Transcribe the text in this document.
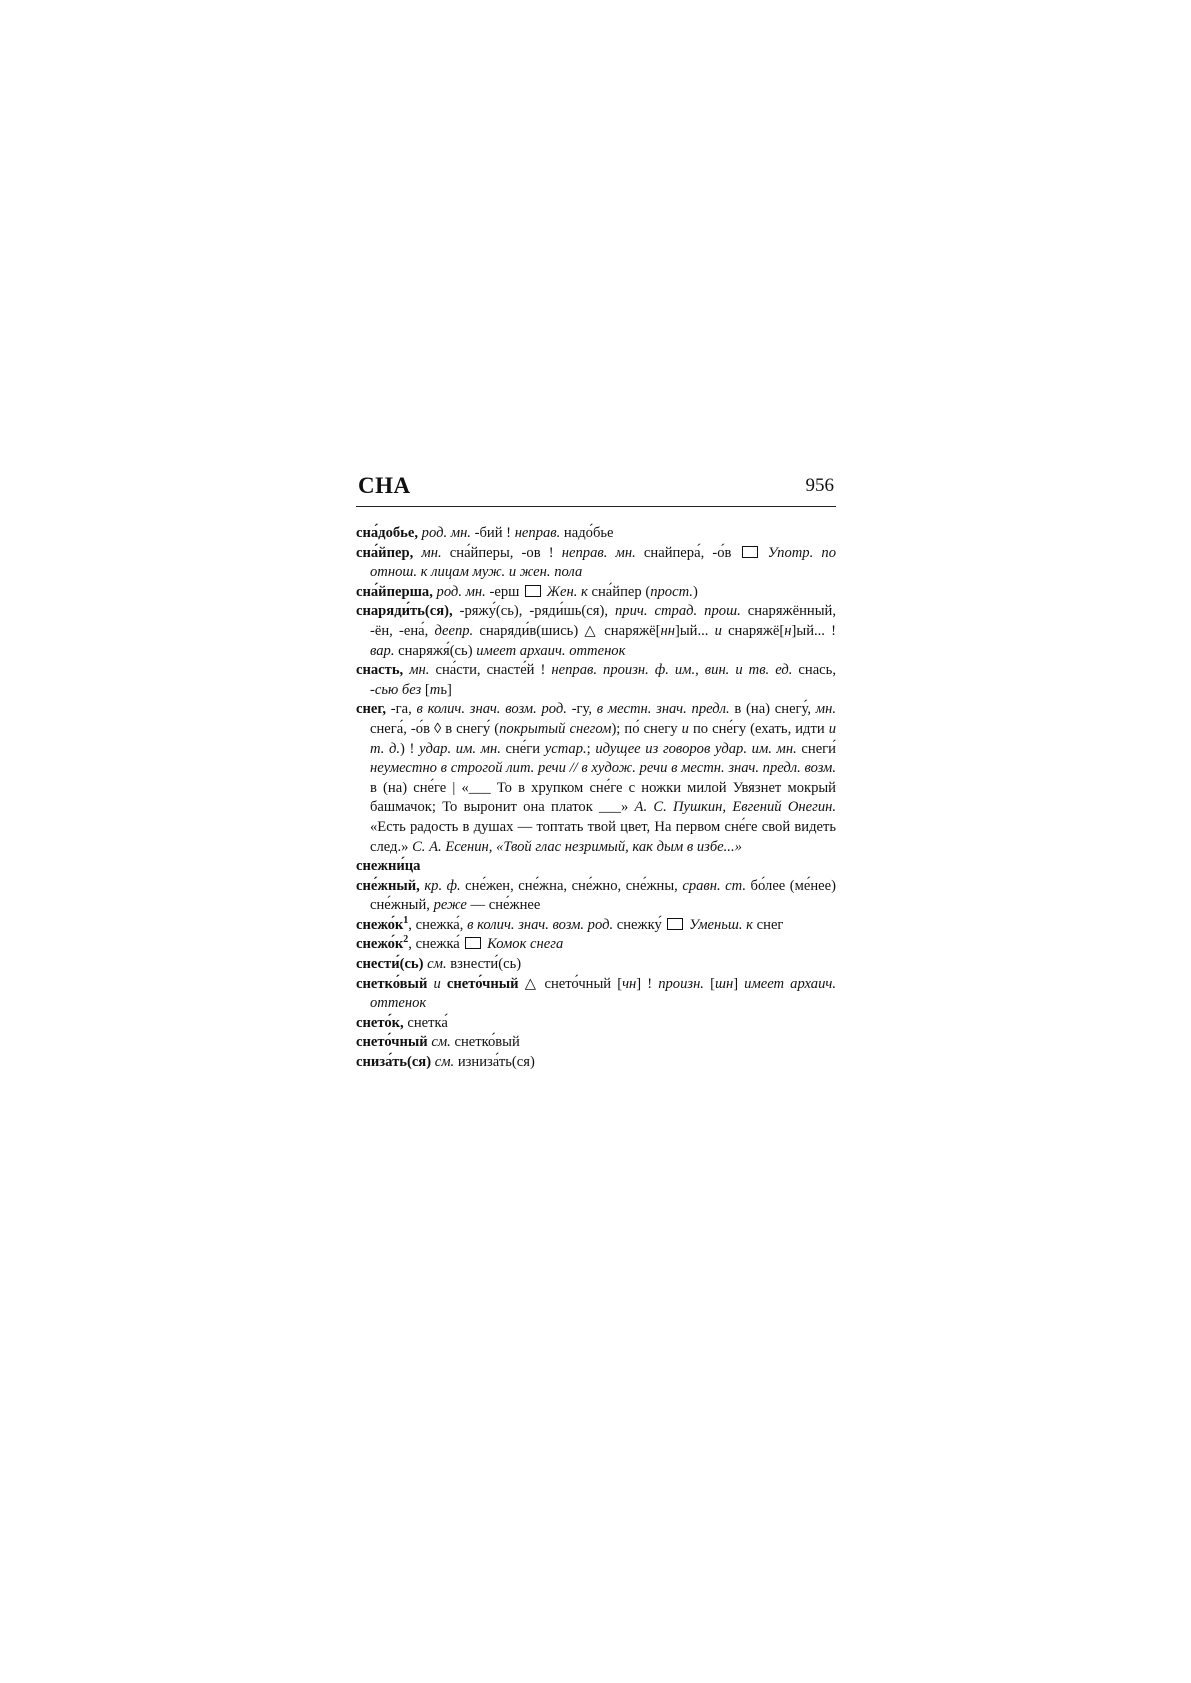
СНА	956

сна́добье, род. мн. -бий ! неправ. надо́бье

сна́йпер, мн. сна́йперы, -ов ! неправ. мн. снайпера́, -о́в  Употр. по отнош. к лицам муж. и жен. пола

сна́йперша, род. мн. -ерш  Жен. к сна́йпер (прост.)

снаряди́ть(ся), -ряжу́(сь), -ряди́шь(ся), прич. страд. прош. снаряжённый, -ён, -ена́, деепр. снаряди́в(шись) △ снаряжё[нн]ый... и снаряжё[н]ый... ! вар. снаряжя́(сь) имеет архаич. оттенок

снасть, мн. сна́сти, снасте́й ! неправ. произн. ф. им., вин. и тв. ед. снась, -сью без [mь]

снег, -га, в колич. знач. возм. род. -гу, в местн. знач. предл. в (на) снегу́, мн. снега́, -о́в ◊ в снегу́ (покрытый снегом); по́ снегу и по сне́гу (ехать, идти и т. д.) ! удар. им. мн. сне́ги устар.; идущее из говоров удар. им. мн. снеги́ неуместно в строгой лит. речи // в худож. речи в местн. знач. предл. возм. в (на) сне́ге | «___ То в хрупком сне́ге с ножки милой Увязнет мокрый башмачок; То выронит она платок ___» А. С. Пушкин, Евгений Онегин. «Есть радость в душах — топтать твой цвет, На первом сне́ге свой видеть след.» С. А. Есенин, «Твой глас незримый, как дым в избе...»

снежни́ца

сне́жный, кр. ф. сне́жен, сне́жна, сне́жно, сне́жны, сравн. ст. бо́лее (ме́нее) сне́жный, реже — сне́жнее

$снежо́к^1$, снежка́, в колич. знач. возм. род. снежку́  Уменьш. к снег

$снежо́к^2$, снежка́  Комок снега

снести́(сь) см. взнести́(сь)

снетко́вый и снето́чный △ снето́чный [чн] ! произн. [шн] имеет архаич. оттенок

снето́к, снетка́

снето́чный см. снетко́вый

сниза́ть(ся) см. изниза́ть(ся)
